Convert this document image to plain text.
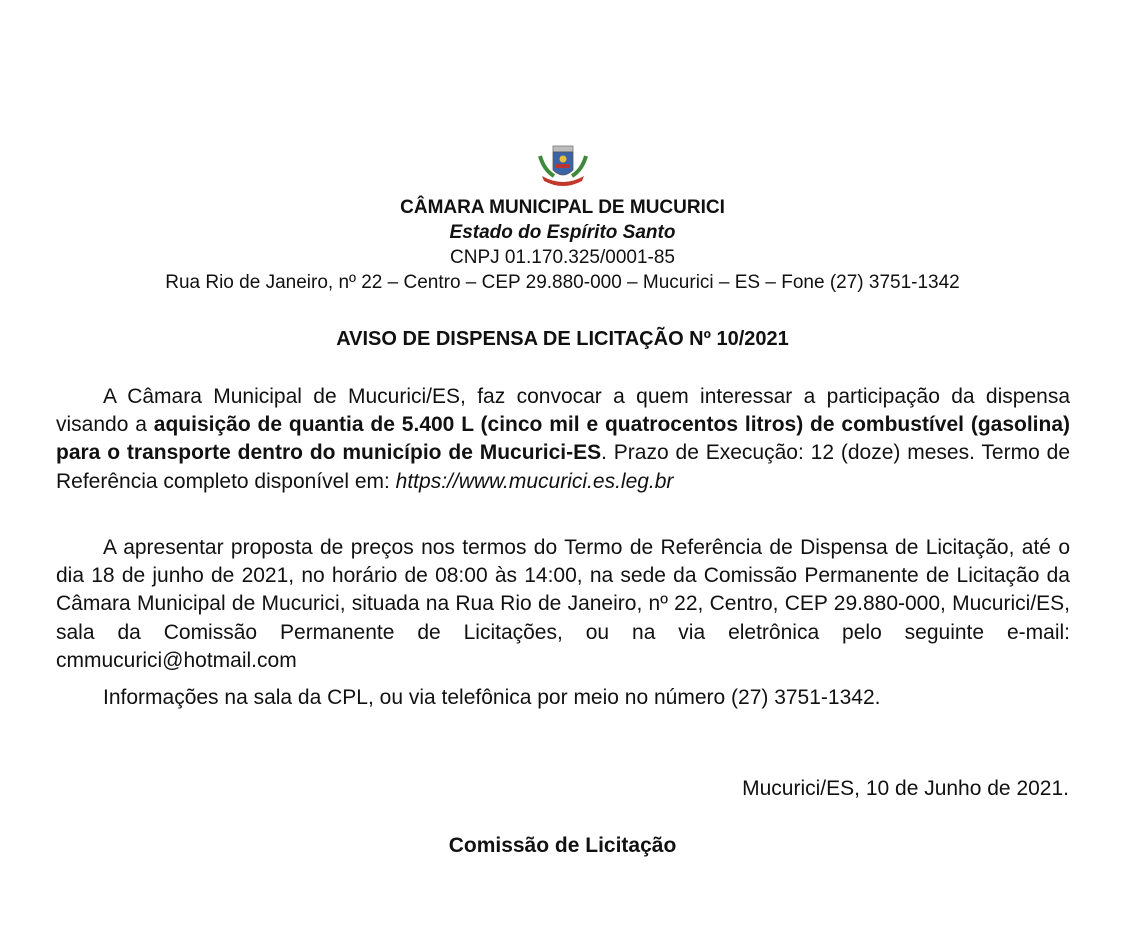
CÂMARA MUNICIPAL DE MUCURICI
Estado do Espírito Santo
CNPJ 01.170.325/0001-85
Rua Rio de Janeiro, nº 22 – Centro – CEP 29.880-000 – Mucurici – ES – Fone (27) 3751-1342
AVISO DE DISPENSA DE LICITAÇÃO Nº 10/2021
A Câmara Municipal de Mucurici/ES, faz convocar a quem interessar a participação da dispensa visando a aquisição de quantia de 5.400 L (cinco mil e quatrocentos litros) de combustível (gasolina) para o transporte dentro do município de Mucurici-ES. Prazo de Execução: 12 (doze) meses. Termo de Referência completo disponível em: https://www.mucurici.es.leg.br
A apresentar proposta de preços nos termos do Termo de Referência de Dispensa de Licitação, até o dia 18 de junho de 2021, no horário de 08:00 às 14:00, na sede da Comissão Permanente de Licitação da Câmara Municipal de Mucurici, situada na Rua Rio de Janeiro, nº 22, Centro, CEP 29.880-000, Mucurici/ES, sala da Comissão Permanente de Licitações, ou na via eletrônica pelo seguinte e-mail: cmmucurici@hotmail.com
Informações na sala da CPL, ou via telefônica por meio no número (27) 3751-1342.
Mucurici/ES, 10 de Junho de 2021.
Comissão de Licitação
